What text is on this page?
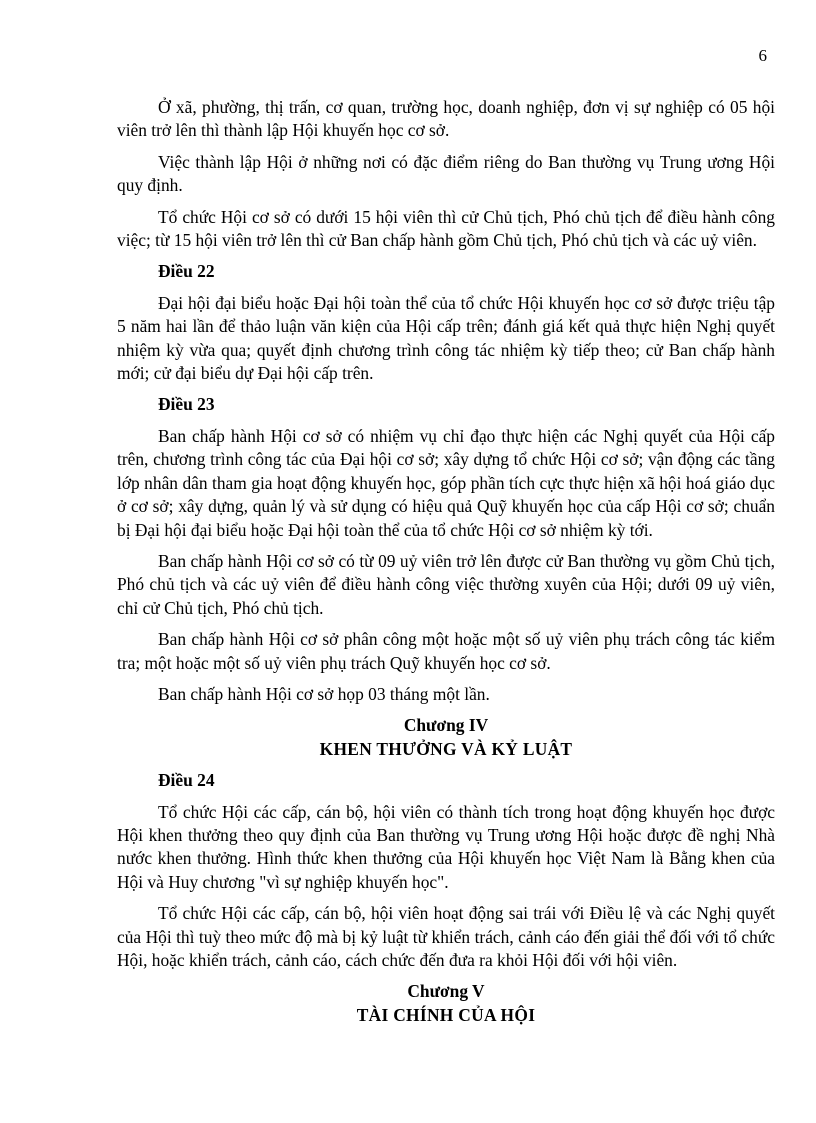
6

Ở xã, phường, thị trấn, cơ quan, trường học, doanh nghiệp, đơn vị sự nghiệp có 05 hội viên trở lên thì thành lập Hội khuyến học cơ sở.

Việc thành lập Hội ở những nơi có đặc điểm riêng do Ban thường vụ Trung ương Hội quy định.

Tổ chức Hội cơ sở có dưới 15 hội viên thì cử Chủ tịch, Phó chủ tịch để điều hành công việc; từ 15 hội viên trở lên thì cử Ban chấp hành gồm Chủ tịch, Phó chủ tịch và các uỷ viên.

Điều 22

Đại hội đại biểu hoặc Đại hội toàn thể của tổ chức Hội khuyến học cơ sở được triệu tập 5 năm hai lần để thảo luận văn kiện của Hội cấp trên; đánh giá kết quả thực hiện Nghị quyết nhiệm kỳ vừa qua; quyết định chương trình công tác nhiệm kỳ tiếp theo; cử Ban chấp hành mới; cử đại biểu dự Đại hội cấp trên.

Điều 23

Ban chấp hành Hội cơ sở có nhiệm vụ chỉ đạo thực hiện các Nghị quyết của Hội cấp trên, chương trình công tác của Đại hội cơ sở; xây dựng tổ chức Hội cơ sở; vận động các tầng lớp nhân dân tham gia hoạt động khuyến học, góp phần tích cực thực hiện xã hội hoá giáo dục ở cơ sở; xây dựng, quản lý và sử dụng có hiệu quả Quỹ khuyến học của cấp Hội cơ sở; chuẩn bị Đại hội đại biểu hoặc Đại hội toàn thể của tổ chức Hội cơ sở nhiệm kỳ tới.

Ban chấp hành Hội cơ sở có từ 09 uỷ viên trở lên được cử Ban thường vụ gồm Chủ tịch, Phó chủ tịch và các uỷ viên để điều hành công việc thường xuyên của Hội; dưới 09 uỷ viên, chỉ cử Chủ tịch, Phó chủ tịch.

Ban chấp hành Hội cơ sở phân công một hoặc một số uỷ viên phụ trách công tác kiểm tra; một hoặc một số uỷ viên phụ trách Quỹ khuyến học cơ sở.

Ban chấp hành Hội cơ sở họp 03 tháng một lần.

Chương IV

KHEN THƯỞNG VÀ KỶ LUẬT

Điều 24

Tổ chức Hội các cấp, cán bộ, hội viên có thành tích trong hoạt động khuyến học được Hội khen thưởng theo quy định của Ban thường vụ Trung ương Hội hoặc được đề nghị Nhà nước khen thưởng. Hình thức khen thưởng của Hội khuyến học Việt Nam là Bằng khen của Hội và Huy chương "vì sự nghiệp khuyến học".

Tổ chức Hội các cấp, cán bộ, hội viên hoạt động sai trái với Điều lệ và các Nghị quyết của Hội thì tuỳ theo mức độ mà bị kỷ luật từ khiển trách, cảnh cáo đến giải thể đối với tổ chức Hội, hoặc khiển trách, cảnh cáo, cách chức đến đưa ra khỏi Hội đối với hội viên.

Chương V

TÀI CHÍNH CỦA HỘI
